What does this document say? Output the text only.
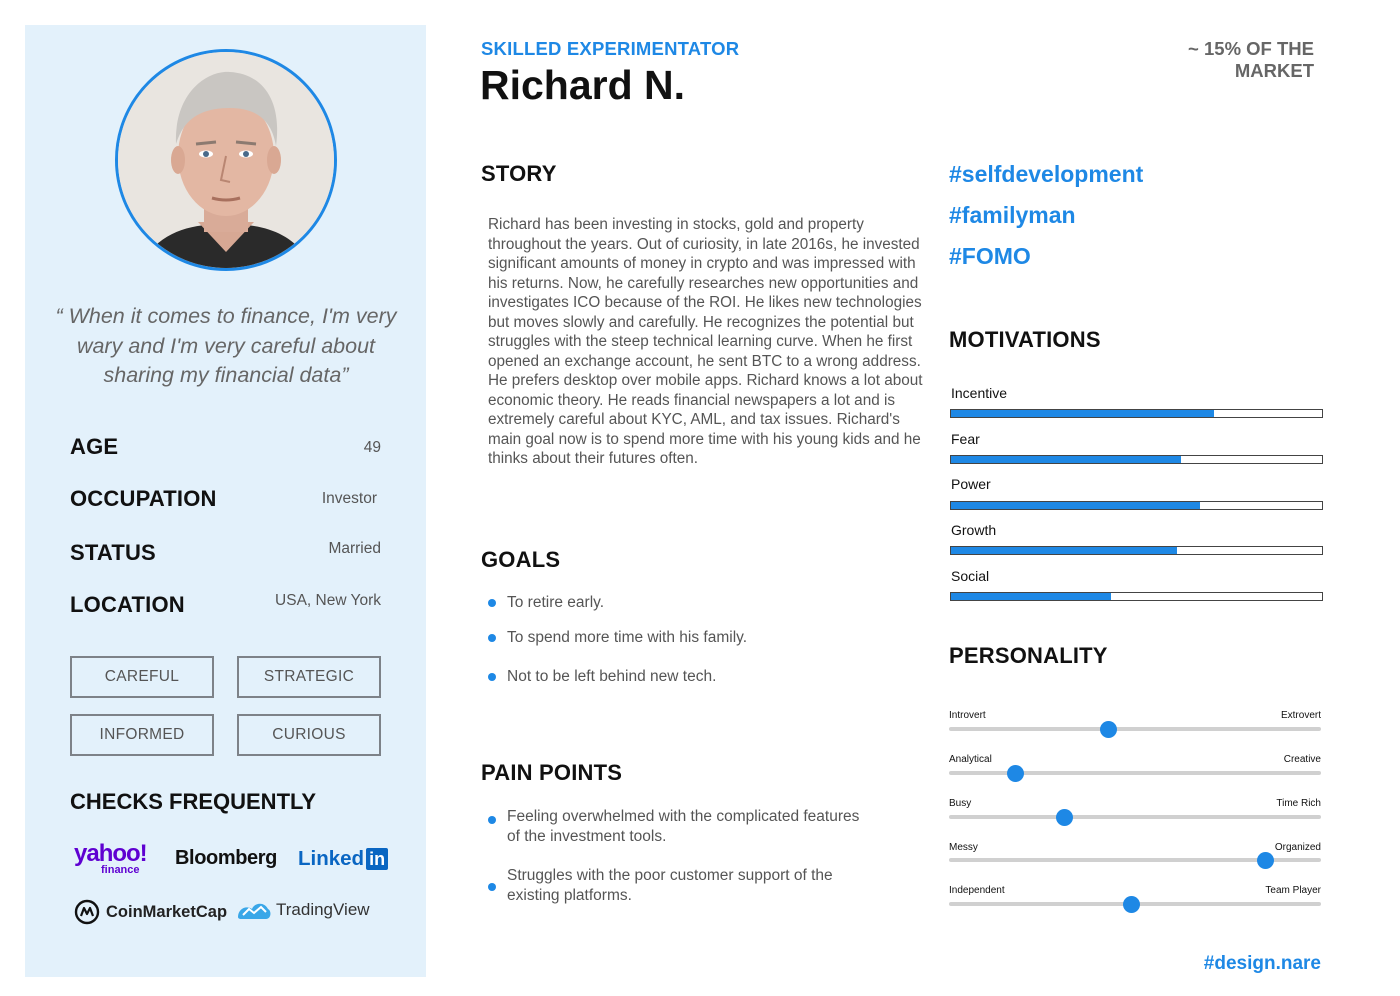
“ When it comes to finance, I'm very wary and I'm very careful about sharing my financial data”

AGE	49
OCCUPATION	Investor
STATUS	Married
LOCATION	USA, New York
CAREFUL	STRATEGIC
INFORMED	CURIOUS
CHECKS FREQUENTLY
yahoo!
finance
Bloomberg Linked in
CoinMarketCap	TradingView
SKILLED EXPERIMENTATOR
Richard N.
~ 15% OF THE MARKET
STORY

Richard has been investing in stocks, gold and property throughout the years. Out of curiosity, in late 2016s, he invested significant amounts of money in crypto and was impressed with his returns. Now, he carefully researches new opportunities and investigates ICO because of the ROI. He likes new technologies but moves slowly and carefully. He recognizes the potential but struggles with the steep technical learning curve. When he first opened an exchange account, he sent BTC to a wrong address. He prefers desktop over mobile apps. Richard knows a lot about economic theory. He reads financial newspapers a lot and is extremely careful about KYC, AML, and tax issues. Richard's main goal now is to spend more time with his young kids and he thinks about their futures often.

GOALS
To retire early.
To spend more time with his family.
Not to be left behind new tech.
PAIN POINTS
Feeling overwhelmed with the complicated features of the investment tools.
Struggles with the poor customer support of the existing platforms.
#selfdevelopment
#familyman
#FOMO
MOTIVATIONS
Incentive
Fear
Power
Growth
Social
PERSONALITY
Introvert	Extrovert
Analytical	Creative
Busy	Time Rich
Messy	Organized
Independent	Team Player
#design.nare
